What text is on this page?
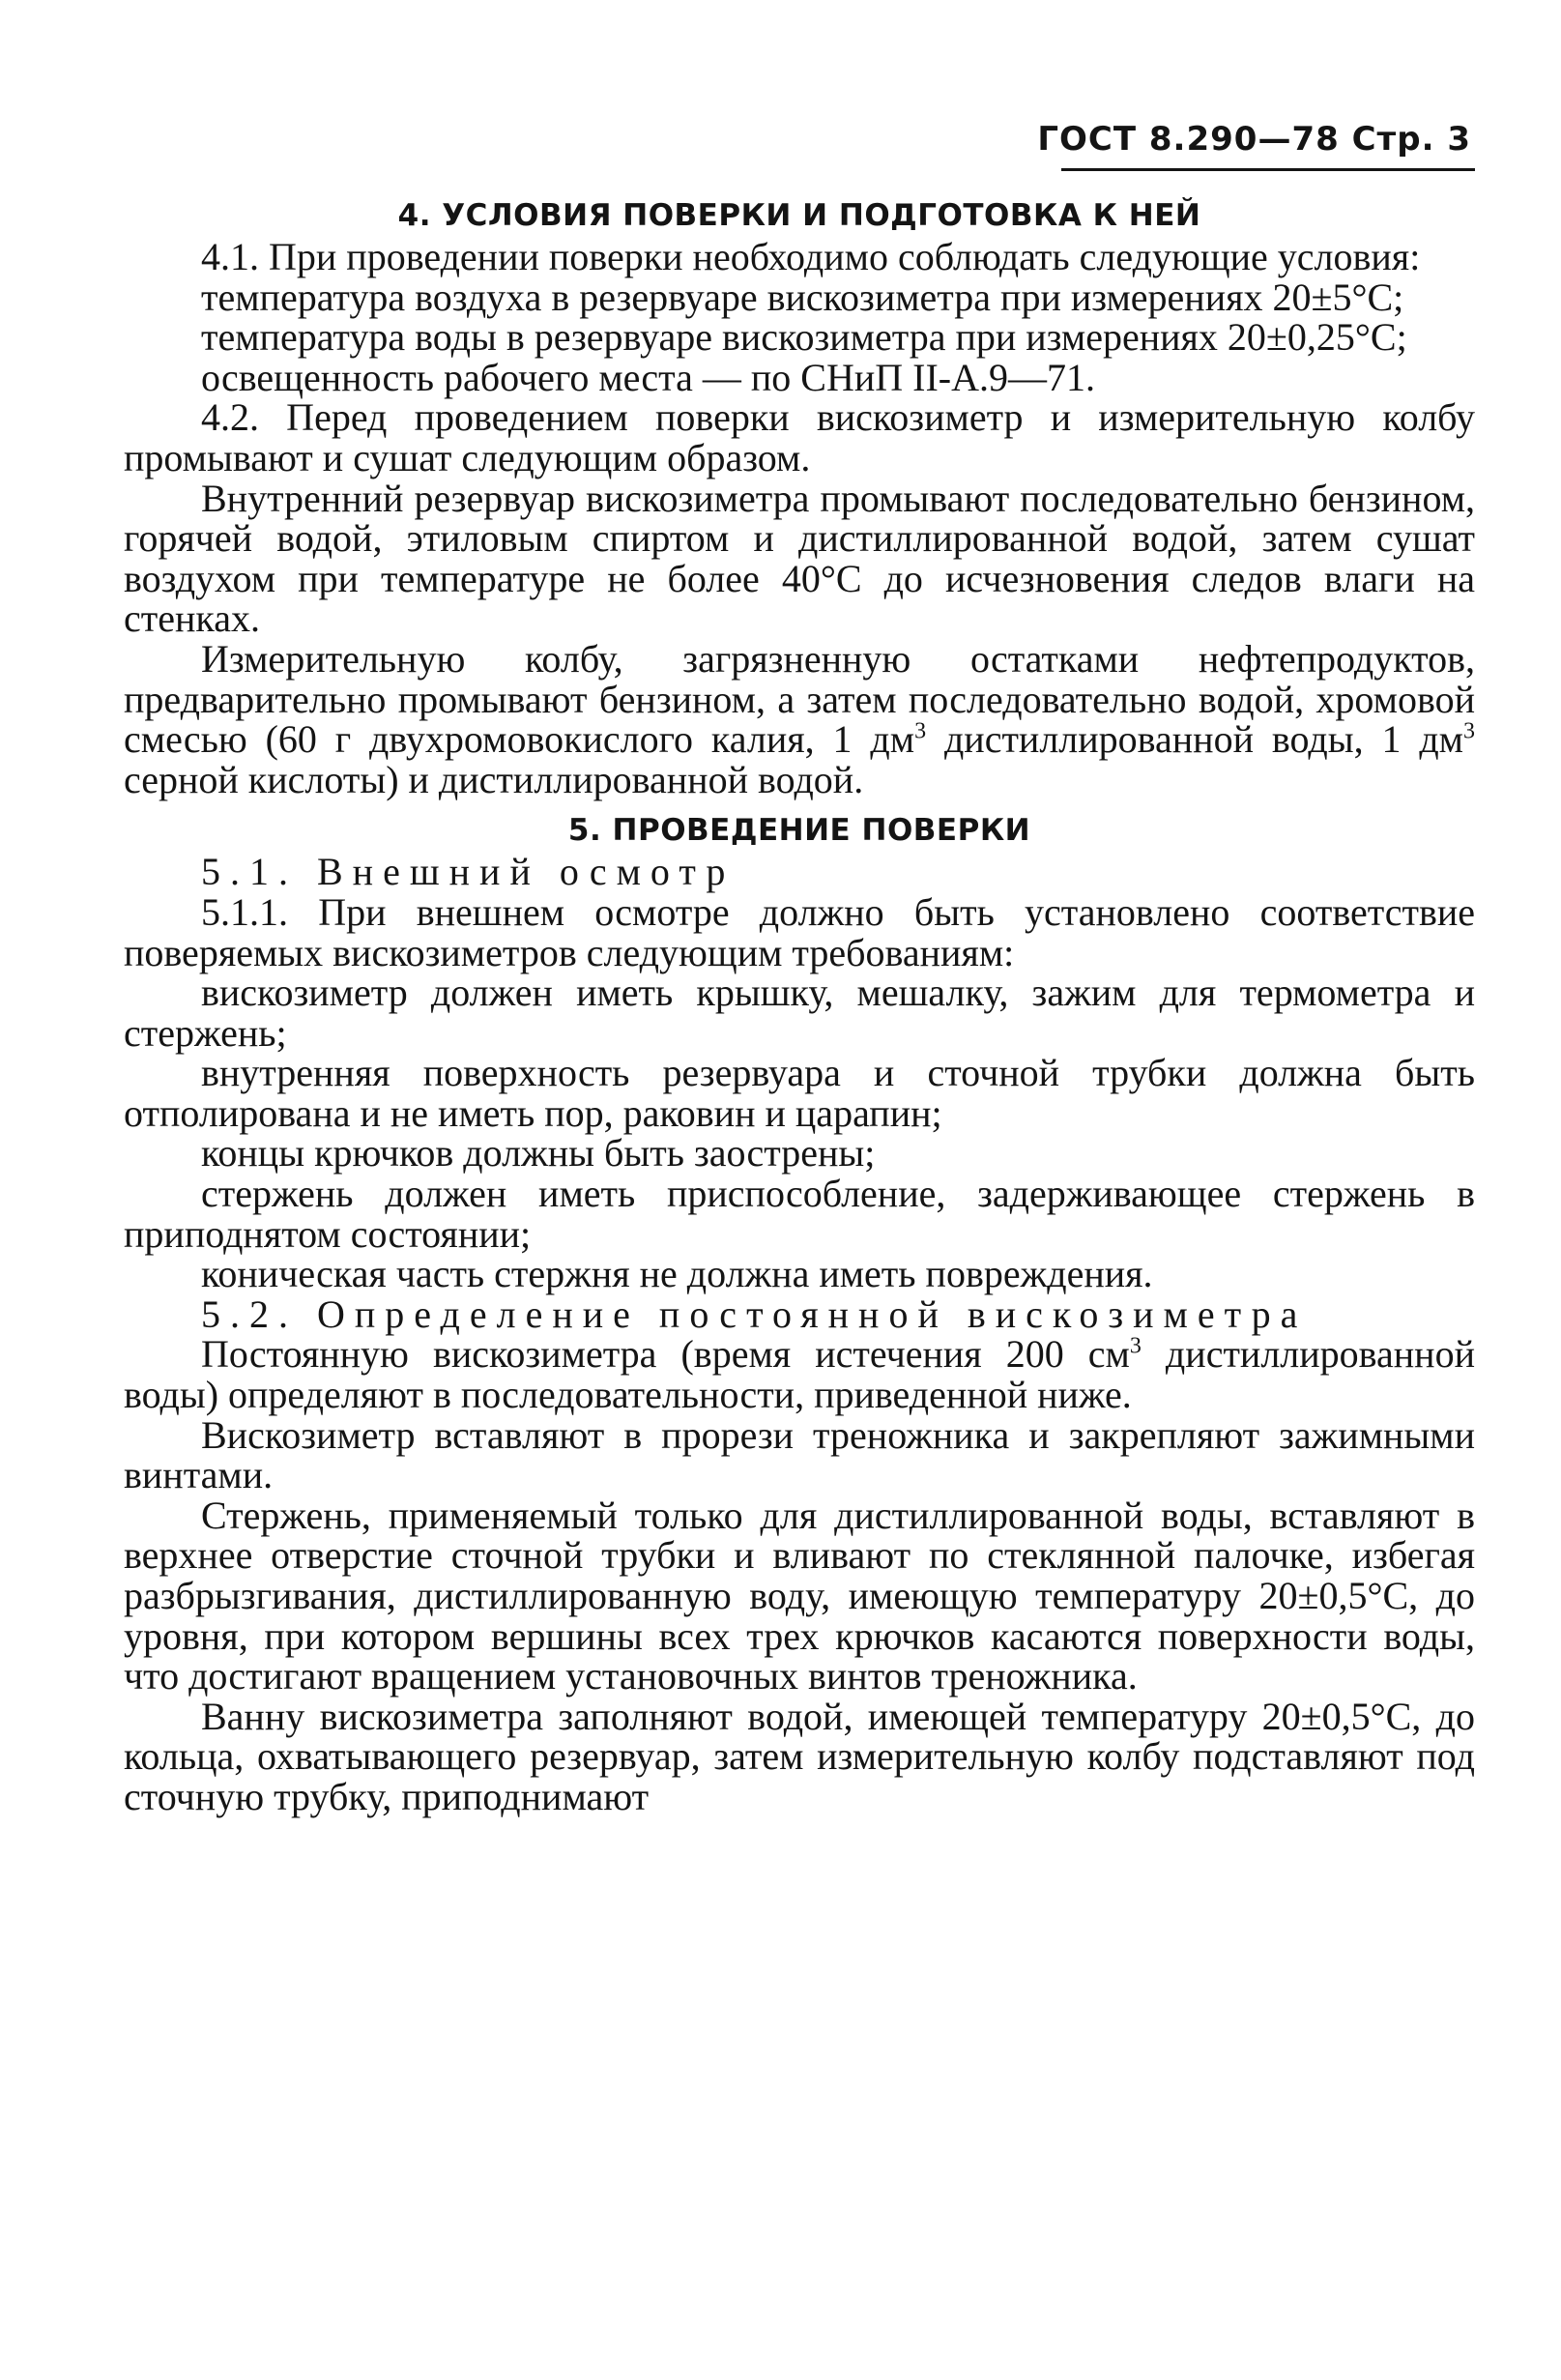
ГОСТ 8.290—78 Стр. 3
4. УСЛОВИЯ ПОВЕРКИ И ПОДГОТОВКА К НЕЙ

4.1. При проведении поверки необходимо соблюдать следующие условия:

температура воздуха в резервуаре вискозиметра при измерениях 20±5°С;

температура воды в резервуаре вискозиметра при измерениях 20±0,25°С;

освещенность рабочего места — по СНиП II-А.9—71.

4.2. Перед проведением поверки вискозиметр и измерительную колбу промывают и сушат следующим образом.

Внутренний резервуар вискозиметра промывают последовательно бензином, горячей водой, этиловым спиртом и дистиллированной водой, затем сушат воздухом при температуре не более 40°С до исчезновения следов влаги на стенках.

Измерительную колбу, загрязненную остатками нефтепродуктов, предварительно промывают бензином, а затем последовательно водой, хромовой смесью (60 г двухромовокислого калия, 1 $дм^3$ дистиллированной воды, 1 $дм^3$ серной кислоты) и дистиллированной водой.

5. ПРОВЕДЕНИЕ ПОВЕРКИ

5.1. Внешний осмотр

5.1.1. При внешнем осмотре должно быть установлено соответствие поверяемых вискозиметров следующим требованиям:

вискозиметр должен иметь крышку, мешалку, зажим для термометра и стержень;

внутренняя поверхность резервуара и сточной трубки должна быть отполирована и не иметь пор, раковин и царапин;

концы крючков должны быть заострены;

стержень должен иметь приспособление, задерживающее стержень в приподнятом состоянии;

коническая часть стержня не должна иметь повреждения.

5.2. Определение постоянной вискозиметра

Постоянную вискозиметра (время истечения 200 $см^3$ дистиллированной воды) определяют в последовательности, приведенной ниже.

Вискозиметр вставляют в прорези треножника и закрепляют зажимными винтами.

Стержень, применяемый только для дистиллированной воды, вставляют в верхнее отверстие сточной трубки и вливают по стеклянной палочке, избегая разбрызгивания, дистиллированную воду, имеющую температуру 20±0,5°С, до уровня, при котором вершины всех трех крючков касаются поверхности воды, что достигают вращением установочных винтов треножника.

Ванну вискозиметра заполняют водой, имеющей температуру 20±0,5°С, до кольца, охватывающего резервуар, затем измерительную колбу подставляют под сточную трубку, приподнимают
